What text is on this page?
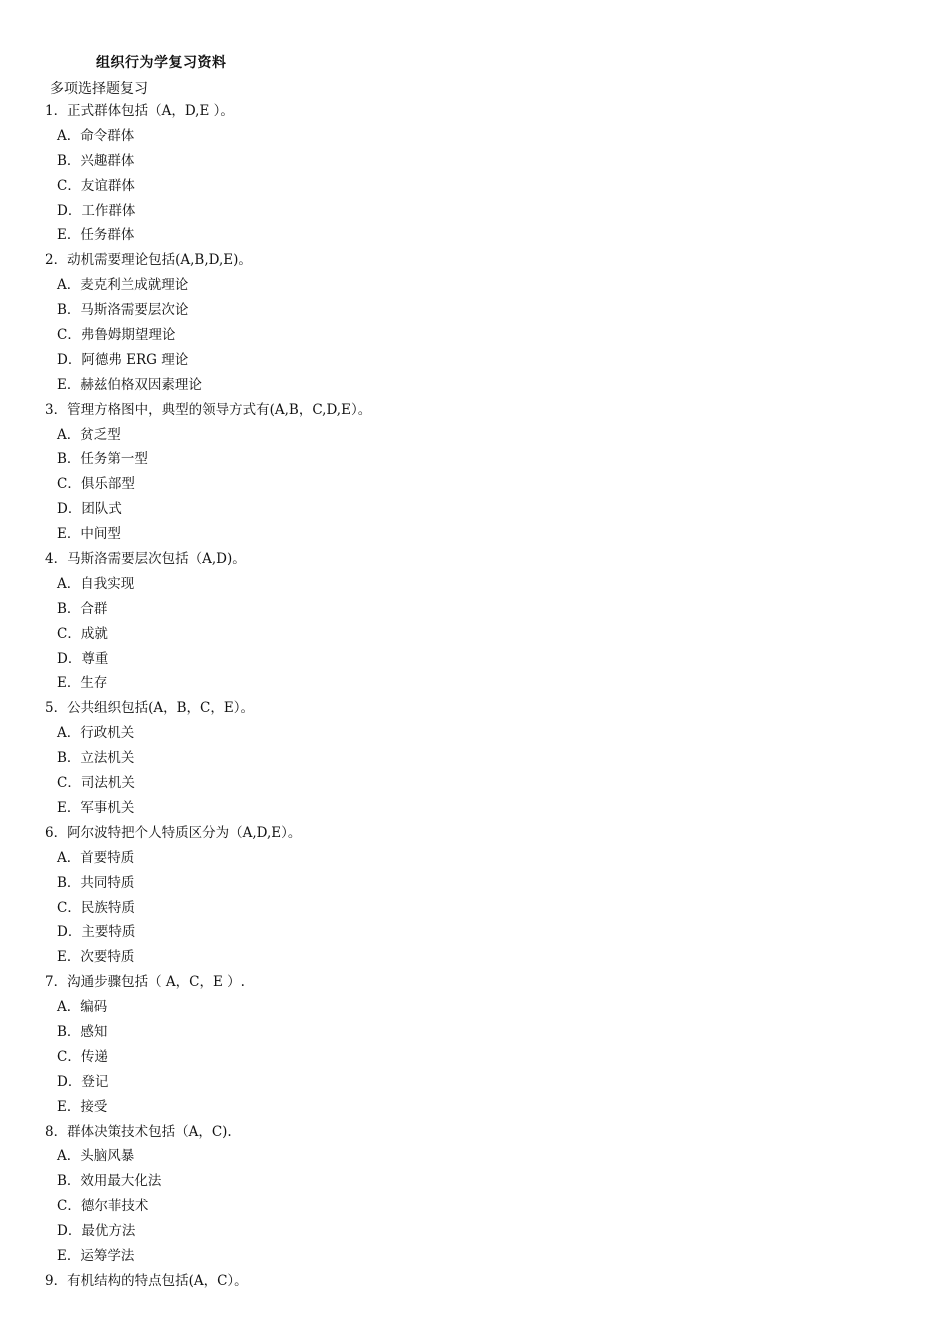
组织行为学复习资料
多项选择题复习
1．正式群体包括（A，D,E ）。
A．命令群体
B．兴趣群体
C．友谊群体
D．工作群体
E．任务群体
2．动机需要理论包括(A,B,D,E)。
A．麦克利兰成就理论
B．马斯洛需要层次论
C．弗鲁姆期望理论
D．阿德弗 ERG 理论
E．赫兹伯格双因素理论
3．管理方格图中，典型的领导方式有(A,B，C,D,E）。
A．贫乏型
B．任务第一型
C．俱乐部型
D．团队式
E．中间型
4．马斯洛需要层次包括（A,D)。
A．自我实现
B．合群
C．成就
D．尊重
E．生存
5．公共组织包括(A，B，C，E）。
A．行政机关
B．立法机关
C．司法机关
E．军事机关
6．阿尔波特把个人特质区分为（A,D,E）。
A．首要特质
B．共同特质
C．民族特质
D．主要特质
E．次要特质
7．沟通步骤包括（ A，C，E ）.
A．编码
B．感知
C．传递
D．登记
E．接受
8．群体决策技术包括（A，C).
A．头脑风暴
B．效用最大化法
C．德尔菲技术
D．最优方法
E．运筹学法
9．有机结构的特点包括(A，C）。
